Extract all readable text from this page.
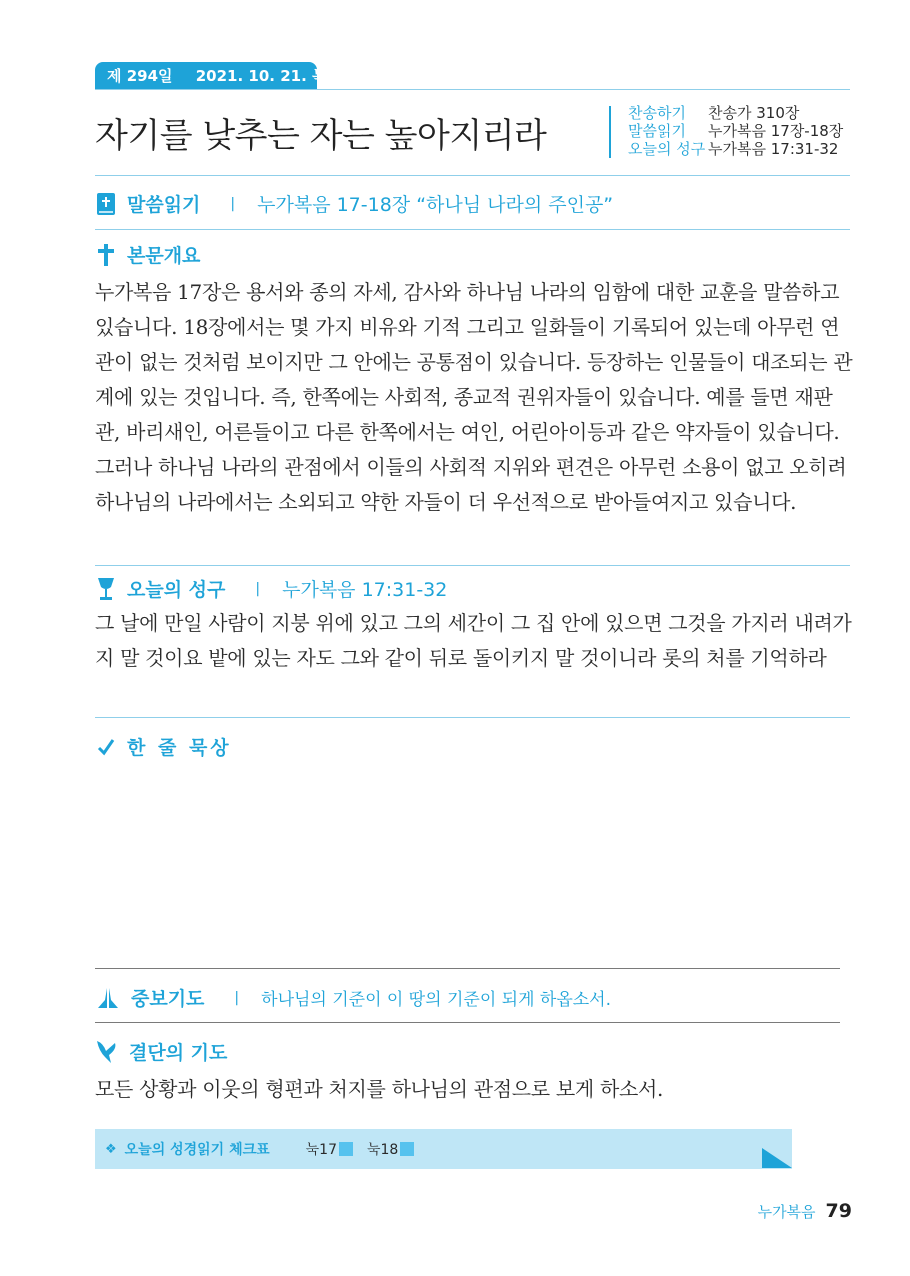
제 294일 2021. 10. 21. 목
자기를 낮추는 자는 높아지리라
찬송하기	찬송가 310장
말씀읽기	누가복음 17장-18장
오늘의 성구 누가복음 17:31-32
말씀읽기 | 누가복음 17-18장 “하나님 나라의 주인공”
본문개요
누가복음 17장은 용서와 종의 자세, 감사와 하나님 나라의 임함에 대한 교훈을 말씀하고 있습니다. 18장에서는 몇 가지 비유와 기적 그리고 일화들이 기록되어 있는데 아무런 연관이 없는 것처럼 보이지만 그 안에는 공통점이 있습니다. 등장하는 인물들이 대조되는 관계에 있는 것입니다. 즉, 한쪽에는 사회적, 종교적 권위자들이 있습니다. 예를 들면 재판관, 바리새인, 어른들이고 다른 한쪽에서는 여인, 어린아이등과 같은 약자들이 있습니다. 그러나 하나님 나라의 관점에서 이들의 사회적 지위와 편견은 아무런 소용이 없고 오히려 하나님의 나라에서는 소외되고 약한 자들이 더 우선적으로 받아들여지고 있습니다.
오늘의 성구 | 누가복음 17:31-32
그 날에 만일 사람이 지붕 위에 있고 그의 세간이 그 집 안에 있으면 그것을 가지러 내려가지 말 것이요 밭에 있는 자도 그와 같이 뒤로 돌이키지 말 것이니라 롯의 처를 기억하라
한 줄 묵상
중보기도 | 하나님의 기준이 이 땅의 기준이 되게 하옵소서.
결단의 기도
모든 상황과 이웃의 형편과 처지를 하나님의 관점으로 보게 하소서.
❖ 오늘의 성경읽기 체크표	눅17 눅18
누가복음 79
